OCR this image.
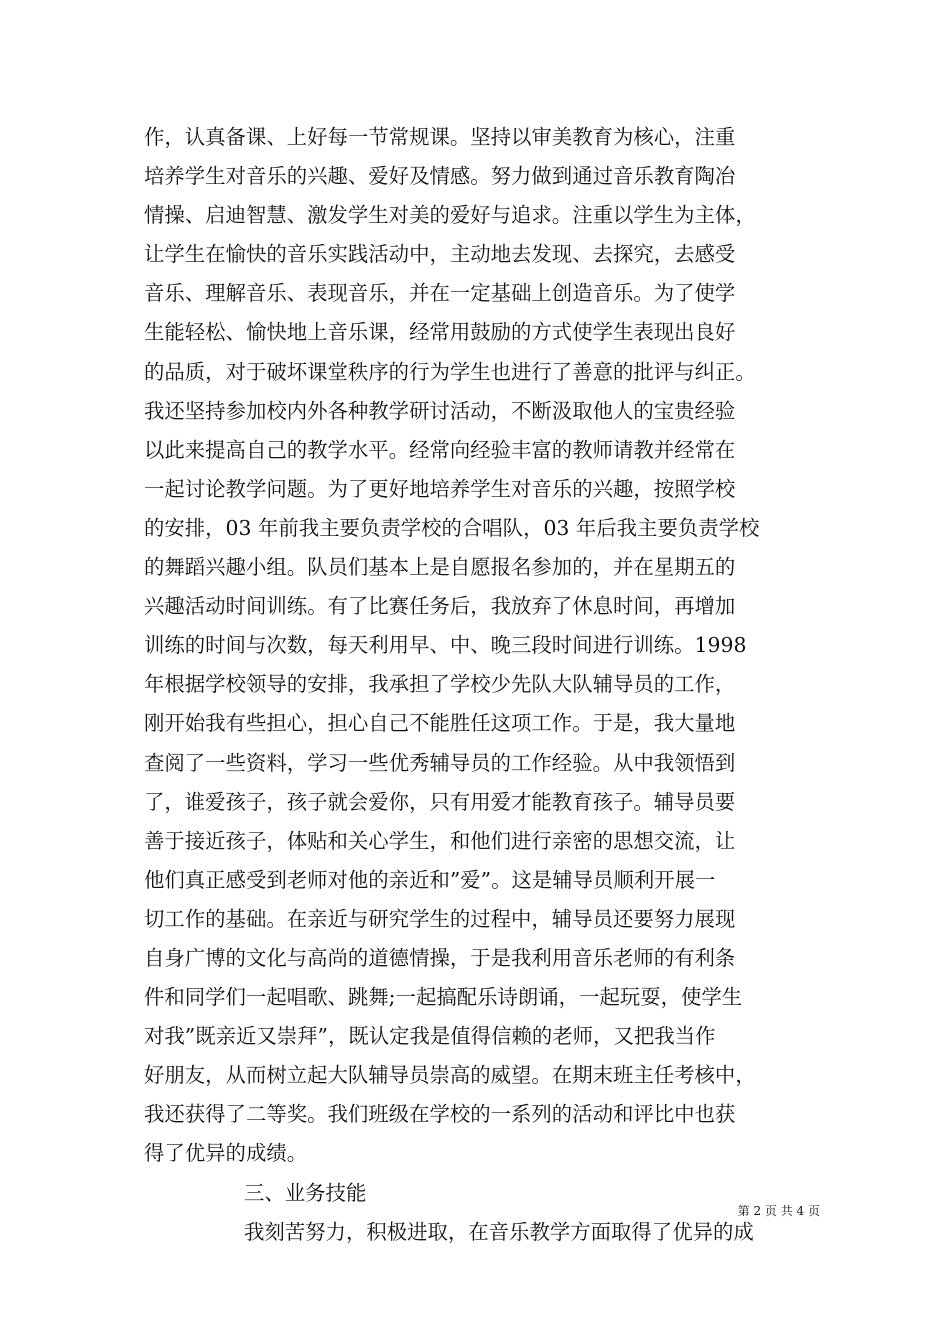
作，认真备课、上好每一节常规课。坚持以审美教育为核心，注重
培养学生对音乐的兴趣、爱好及情感。努力做到通过音乐教育陶冶
情操、启迪智慧、激发学生对美的爱好与追求。注重以学生为主体，
让学生在愉快的音乐实践活动中，主动地去发现、去探究，去感受
音乐、理解音乐、表现音乐，并在一定基础上创造音乐。为了使学
生能轻松、愉快地上音乐课，经常用鼓励的方式使学生表现出良好
的品质，对于破坏课堂秩序的行为学生也进行了善意的批评与纠正。
我还坚持参加校内外各种教学研讨活动，不断汲取他人的宝贵经验
以此来提高自己的教学水平。经常向经验丰富的教师请教并经常在
一起讨论教学问题。为了更好地培养学生对音乐的兴趣，按照学校
的安排，03 年前我主要负责学校的合唱队，03 年后我主要负责学校
的舞蹈兴趣小组。队员们基本上是自愿报名参加的，并在星期五的
兴趣活动时间训练。有了比赛任务后，我放弃了休息时间，再增加
训练的时间与次数，每天利用早、中、晚三段时间进行训练。1998
年根据学校领导的安排，我承担了学校少先队大队辅导员的工作，
刚开始我有些担心，担心自己不能胜任这项工作。于是，我大量地
查阅了一些资料，学习一些优秀辅导员的工作经验。从中我领悟到
了，谁爱孩子，孩子就会爱你，只有用爱才能教育孩子。辅导员要
善于接近孩子，体贴和关心学生，和他们进行亲密的思想交流，让
他们真正感受到老师对他的亲近和”爱”。这是辅导员顺利开展一
切工作的基础。在亲近与研究学生的过程中，辅导员还要努力展现
自身广博的文化与高尚的道德情操，于是我利用音乐老师的有利条
件和同学们一起唱歌、跳舞;一起搞配乐诗朗诵，一起玩耍，使学生
对我”既亲近又崇拜”，既认定我是值得信赖的老师，又把我当作
好朋友，从而树立起大队辅导员崇高的威望。在期末班主任考核中，
我还获得了二等奖。我们班级在学校的一系列的活动和评比中也获
得了优异的成绩。
三、业务技能
我刻苦努力，积极进取，在音乐教学方面取得了优异的成
第 2 页 共 4 页
